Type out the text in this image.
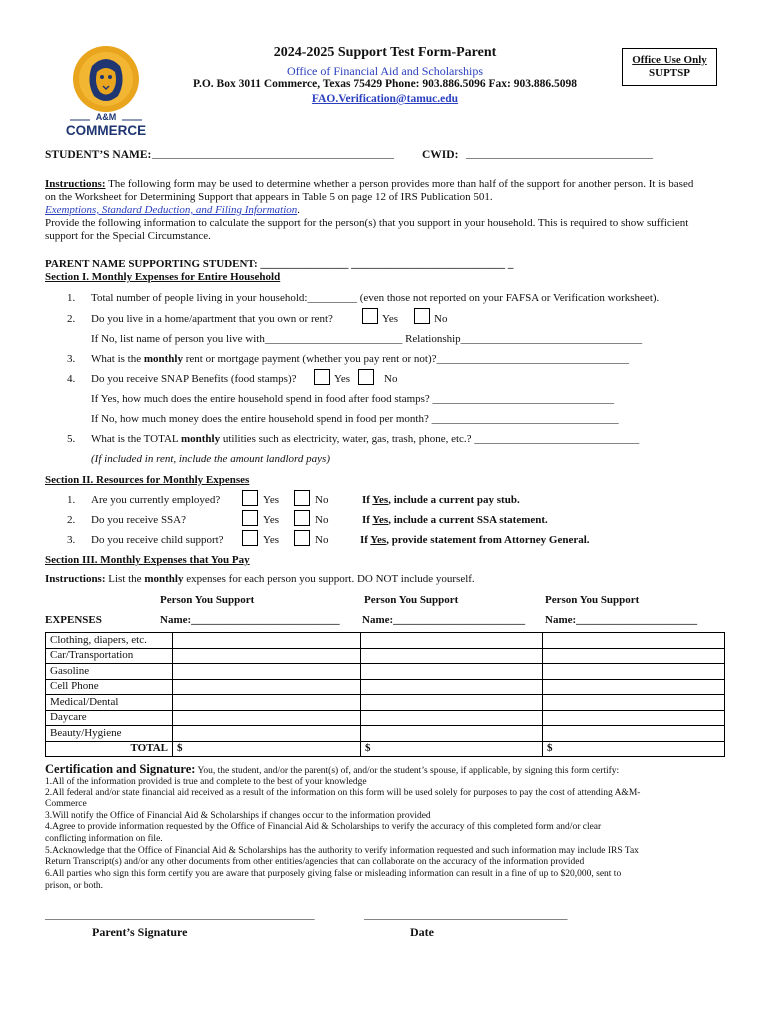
A&M
COMMERCE
2024-2025 Support Test Form-Parent
Office of Financial Aid and Scholarships
P.O. Box 3011 Commerce, Texas 75429 Phone: 903.886.5096 Fax: 903.886.5098
FAO.Verification@tamuc.edu
Office Use Only
SUPTSP
STUDENT’S NAME: ____________________________________________ CWID: __________________________________
Instructions: The following form may be used to determine whether a person provides more than half of the support for another person. It is based
on the Worksheet for Determining Support that appears in Table 5 on page 12 of IRS Publication 501.
Exemptions, Standard Deduction, and Filing Information.
Provide the following information to calculate the support for the person(s) that you support in your household. This is required to show sufficient
support for the Special Circumstance.
PARENT NAME SUPPORTING STUDENT: ________________ ____________________________ _
Section I. Monthly Expenses for Entire Household
1. Total number of people living in your household:_________ (even those not reported on your FAFSA or Verification worksheet).
2. Do you live in a home/apartment that you own or rent?	Yes	No
If No, list name of person you live with_________________________ Relationship_________________________________
3. What is the monthly rent or mortgage payment (whether you pay rent or not)?___________________________________
4. Do you receive SNAP Benefits (food stamps)?	Yes	No
If Yes, how much does the entire household spend in food after food stamps? _________________________________
If No, how much money does the entire household spend in food per month? __________________________________
5. What is the TOTAL monthly utilities such as electricity, water, gas, trash, phone, etc.? ______________________________
(If included in rent, include the amount landlord pays)
Section II. Resources for Monthly Expenses
1. Are you currently employed?	Yes	No	If Yes, include a current pay stub.
2. Do you receive SSA?	Yes	No	If Yes, include a current SSA statement.
3. Do you receive child support?	Yes	No	If Yes, provide statement from Attorney General.
Section III. Monthly Expenses that You Pay
Instructions: List the monthly expenses for each person you support. DO NOT include yourself.
Person You Support	Person You Support	Person You Support
EXPENSES	Name:___________________________ Name:________________________ Name:______________________
Clothing, diapers, etc.			
Car/Transportation			
Gasoline			
Cell Phone			
Medical/Dental			
Daycare			
Beauty/Hygiene			
TOTAL	$	$	$
Certification and Signature: You, the student, and/or the parent(s) of, and/or the student’s spouse, if applicable, by signing this form certify:
1.All of the information provided is true and complete to the best of your knowledge
2.All federal and/or state financial aid received as a result of the information on this form will be used solely for purposes to pay the cost of attending A&M-
Commerce
3.Will notify the Office of Financial Aid & Scholarships if changes occur to the information provided
4.Agree to provide information requested by the Office of Financial Aid & Scholarships to verify the accuracy of this completed form and/or clear
conflicting information on file.
5.Acknowledge that the Office of Financial Aid & Scholarships has the authority to verify information requested and such information may include IRS Tax
Return Transcript(s) and/or any other documents from other entities/agencies that can collaborate on the accuracy of the information provided
6.All parties who sign this form certify you are aware that purposely giving false or misleading information can result in a fine of up to $20,000, sent to
prison, or both.
_________________________________________________	_____________________________________
Parent’s Signature	Date
